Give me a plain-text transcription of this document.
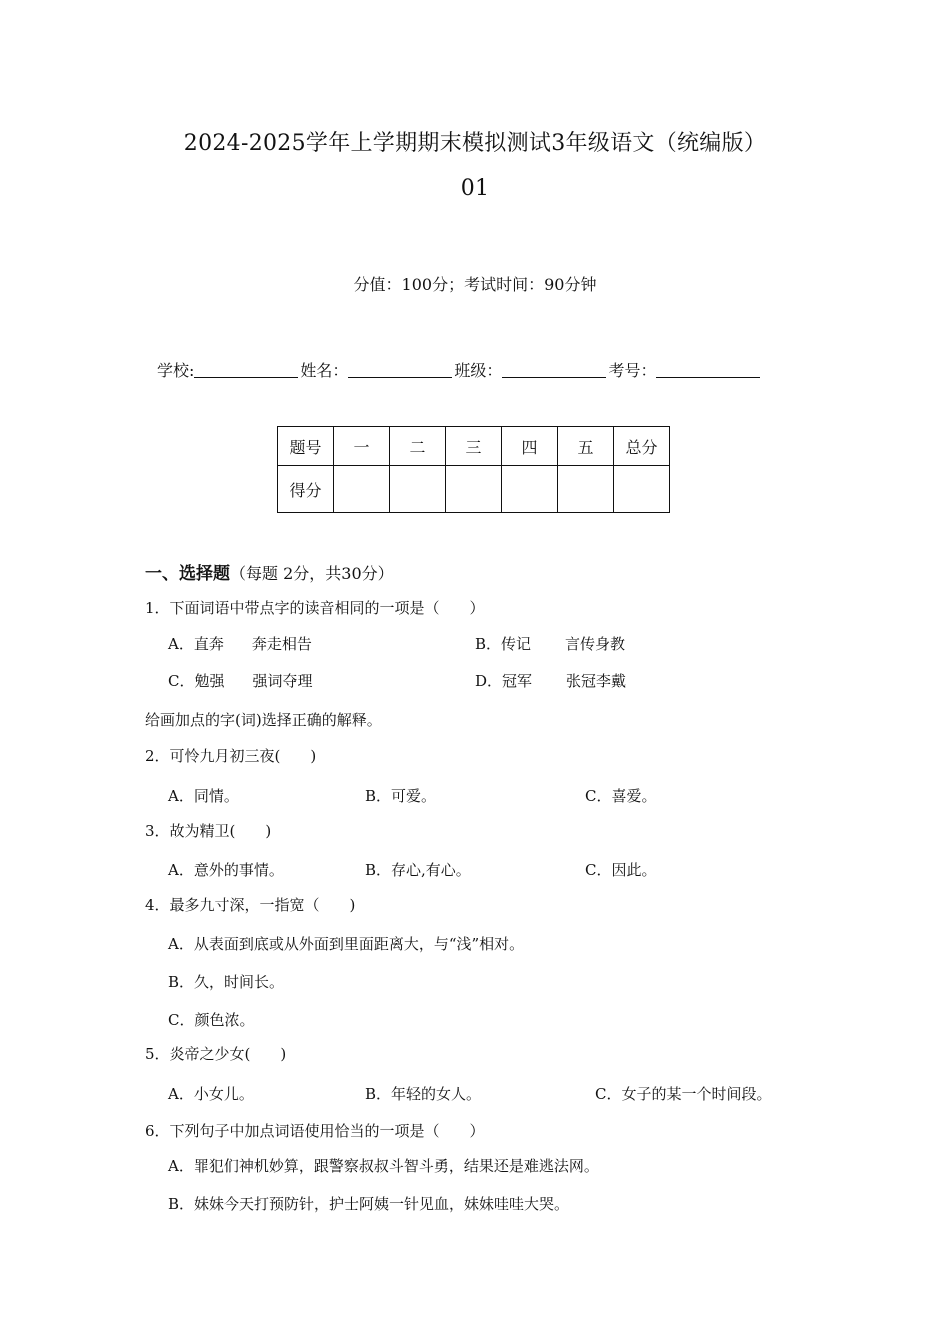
2024-2025学年上学期期末模拟测试3年级语文（统编版）
01
分值：100分；考试时间：90分钟
学校:	姓名：	班级：	考号：
题号	一	二	三	四	五	总分
得分						
一、选择题（每题 2分，共30分）
1．下面词语中带点字的读音相同的一项是（　　）
A．直奔 奔走相告	B．传记 言传身教
C．勉强 强词夺理	D．冠军 张冠李戴
给画加点的字(词)选择正确的解释。
2．可怜九月初三夜(　　)
A．同情。	B．可爱。	C．喜爱。
3．故为精卫(　　)
A．意外的事情。	B．存心,有心。	C．因此。
4．最多九寸深，一指宽（　　)
A．从表面到底或从外面到里面距离大，与“浅”相对。
B．久，时间长。
C．颜色浓。
5．炎帝之少女(　　)
A．小女儿。	B．年轻的女人。	C．女子的某一个时间段。
6．下列句子中加点词语使用恰当的一项是（　　）
A．罪犯们神机妙算，跟警察叔叔斗智斗勇，结果还是难逃法网。
B．妹妹今天打预防针，护士阿姨一针见血，妹妹哇哇大哭。
